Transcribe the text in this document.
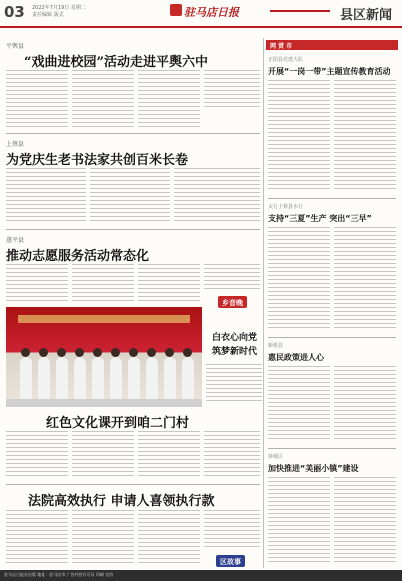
03 2022年7月19日 星期二
责任编辑 版式	驻马店日报	县区新闻
平舆县
“戏曲进校园”活动走进平舆六中
上蔡县
为党庆生老书法家共创百米长卷
遂平县
推动志愿服务活动常态化
乡音晚
白衣心向党
筑梦新时代
红色文化课开到咱二门村
法院高效执行 申请人喜领执行款
区故事
网 赏 市
正阳县党建大队
开展“一岗一带”主题宣传教育活动
太行上蔡县水行
支持“三夏”生产 突出“三早”
新蔡县
惠民政策进人心
驿城区
加快推进“美丽小镇”建设
驻马店日报社出版 地址：驻马店市 广告经营许可证 印刷 定价
